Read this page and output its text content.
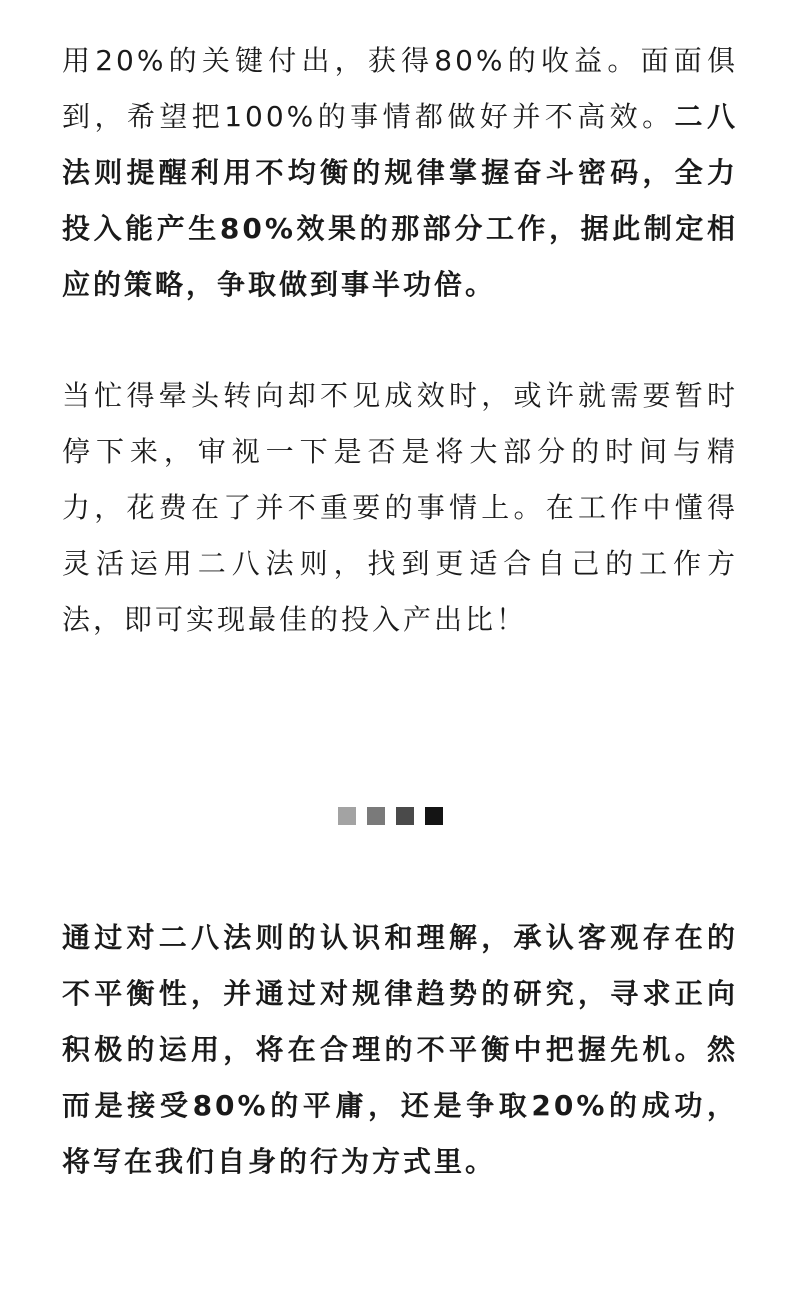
用20%的关键付出，获得80%的收益。面面俱到，希望把100%的事情都做好并不高效。二八法则提醒利用不均衡的规律掌握奋斗密码，全力投入能产生80%效果的那部分工作，据此制定相应的策略，争取做到事半功倍。

当忙得晕头转向却不见成效时，或许就需要暂时停下来，审视一下是否是将大部分的时间与精力，花费在了并不重要的事情上。在工作中懂得灵活运用二八法则，找到更适合自己的工作方法，即可实现最佳的投入产出比！

通过对二八法则的认识和理解，承认客观存在的不平衡性，并通过对规律趋势的研究，寻求正向积极的运用，将在合理的不平衡中把握先机。然而是接受80%的平庸，还是争取20%的成功，将写在我们自身的行为方式里。
